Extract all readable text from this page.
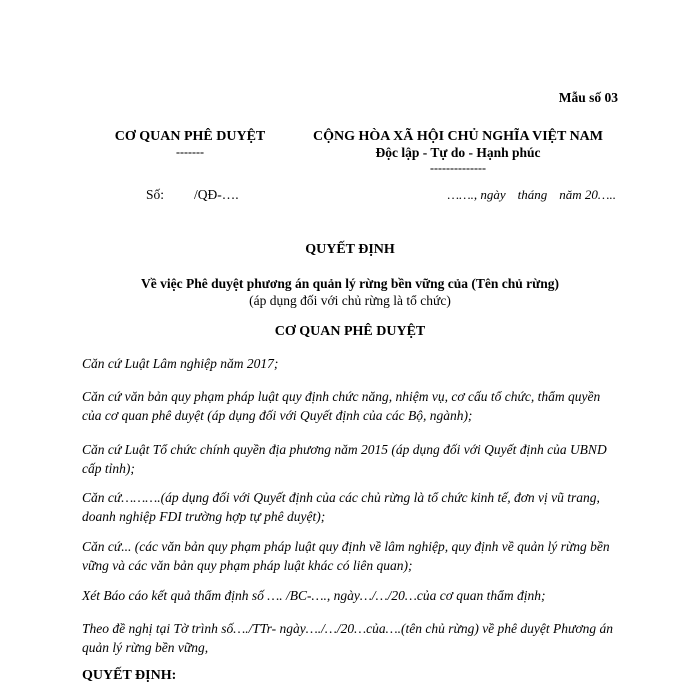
Mẫu số 03
CƠ QUAN PHÊ DUYỆT
-------
CỘNG HÒA XÃ HỘI CHỦ NGHĨA VIỆT NAM
Độc lập - Tự do - Hạnh phúc
--------------
Số: /QĐ-….	……., ngày tháng năm 20…..
QUYẾT ĐỊNH
Về việc Phê duyệt phương án quản lý rừng bền vững của (Tên chủ rừng)
(áp dụng đối với chủ rừng là tổ chức)
CƠ QUAN PHÊ DUYỆT
Căn cứ Luật Lâm nghiệp năm 2017;
Căn cứ văn bản quy phạm pháp luật quy định chức năng, nhiệm vụ, cơ cấu tổ chức, thẩm quyền của cơ quan phê duyệt (áp dụng đối với Quyết định của các Bộ, ngành);
Căn cứ Luật Tổ chức chính quyền địa phương năm 2015 (áp dụng đối với Quyết định của UBND cấp tỉnh);
Căn cứ……….(áp dụng đối với Quyết định của các chủ rừng là tổ chức kinh tế, đơn vị vũ trang, doanh nghiệp FDI trường hợp tự phê duyệt);
Căn cứ... (các văn bản quy phạm pháp luật quy định về lâm nghiệp, quy định về quản lý rừng bền vững và các văn bản quy phạm pháp luật khác có liên quan);
Xét Báo cáo kết quả thẩm định số …. /BC-…., ngày…/…/20…của cơ quan thẩm định;
Theo đề nghị tại Tờ trình số…./TTr- ngày…./…/20…của….(tên chủ rừng) về phê duyệt Phương án quản lý rừng bền vững,
QUYẾT ĐỊNH:
